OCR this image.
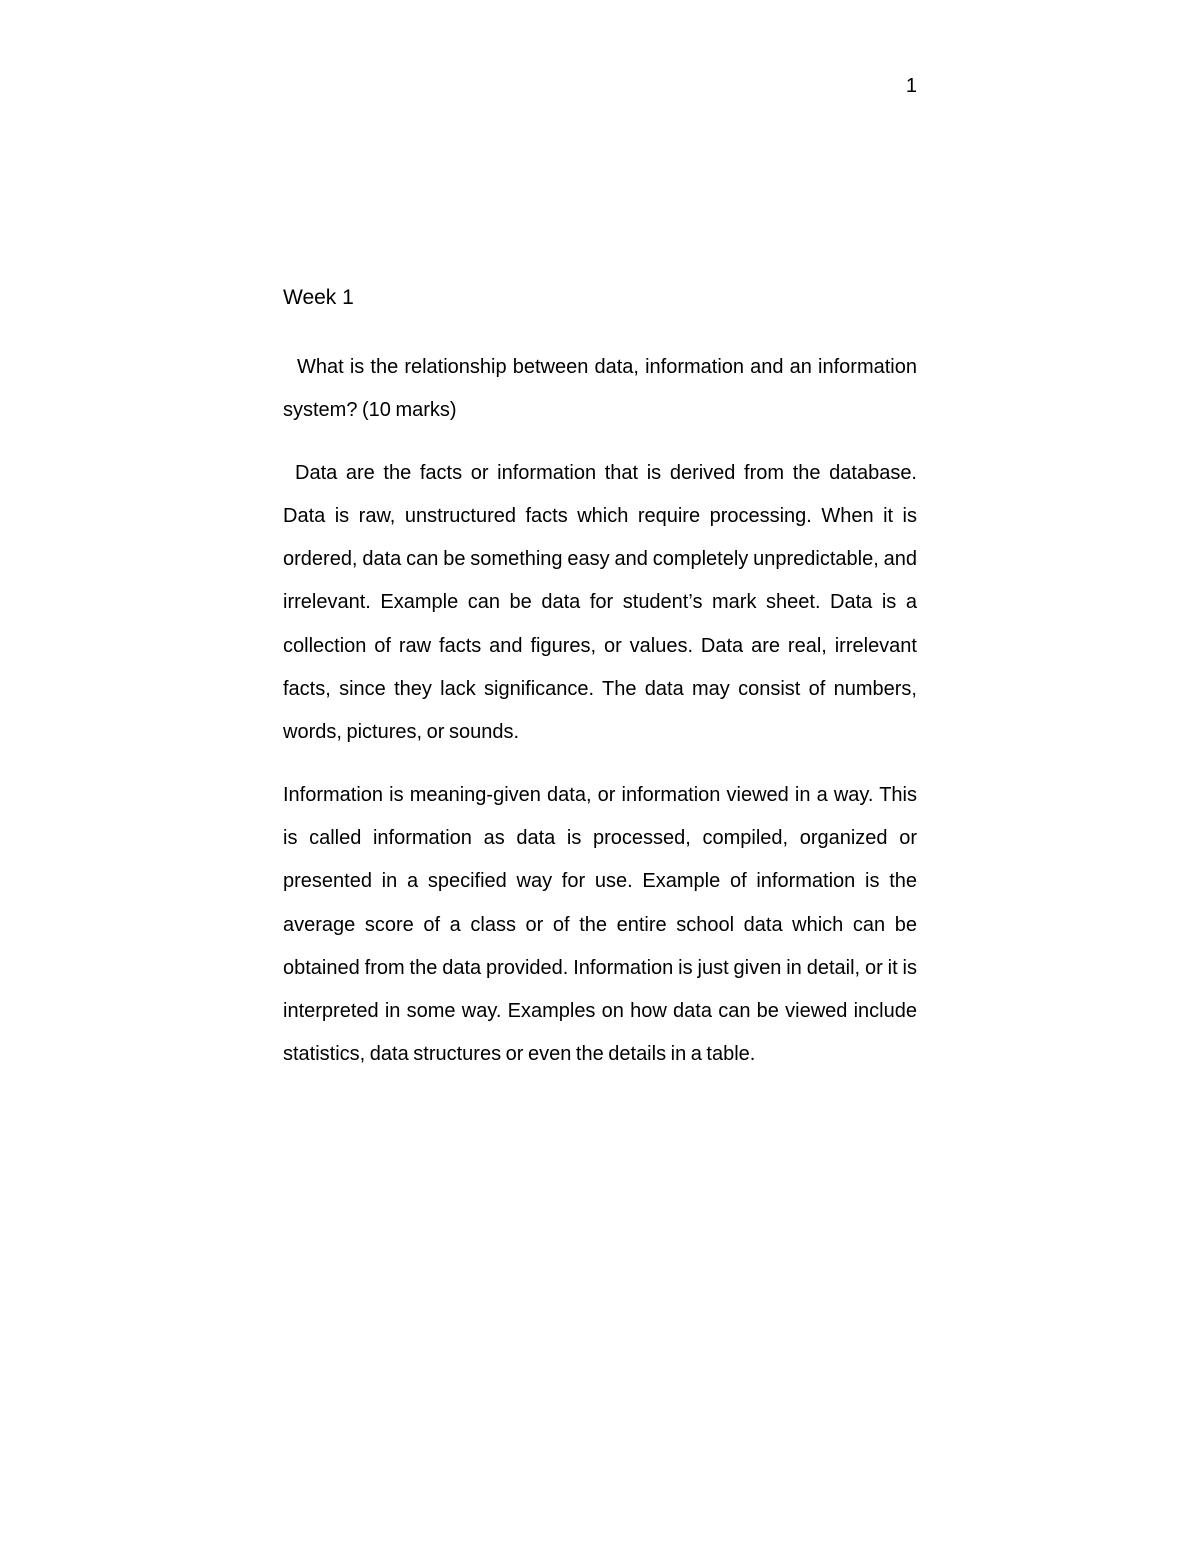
1
Week 1

What is the relationship between data, information and an information system? (10 marks)

Data are the facts or information that is derived from the database. Data is raw, unstructured facts which require processing. When it is ordered, data can be something easy and completely unpredictable, and irrelevant. Example can be data for student’s mark sheet. Data is a collection of raw facts and figures, or values. Data are real, irrelevant facts, since they lack significance. The data may consist of numbers, words, pictures, or sounds.

Information is meaning-given data, or information viewed in a way. This is called information as data is processed, compiled, organized or presented in a specified way for use. Example of information is the average score of a class or of the entire school data which can be obtained from the data provided. Information is just given in detail, or it is interpreted in some way. Examples on how data can be viewed include statistics, data structures or even the details in a table.
